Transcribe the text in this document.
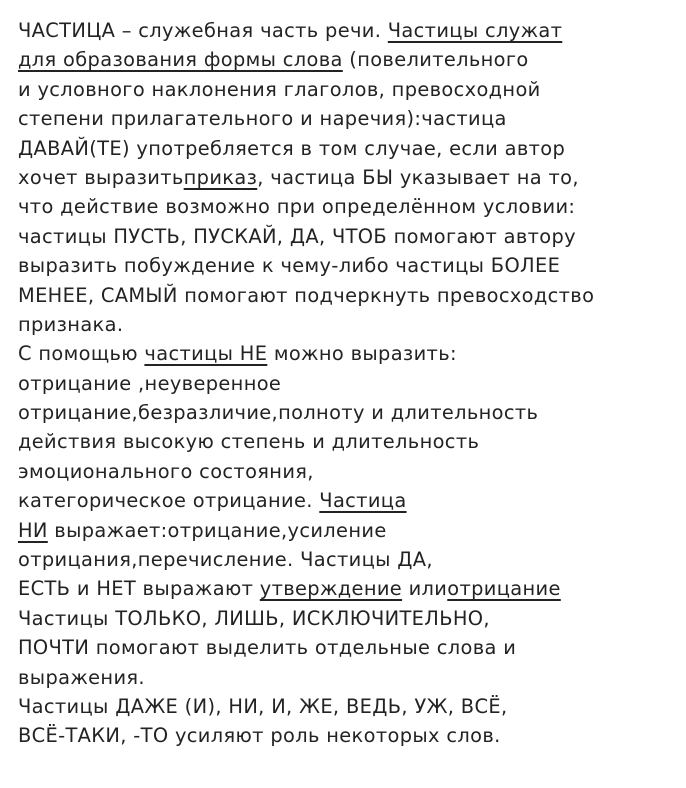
ЧАСТИЦА – служебная часть речи. Частицы служат
для образования формы слова (повелительного
и условного наклонения глаголов, превосходной
степени прилагательного и наречия):частица
ДАВАЙ(ТЕ) употребляется в том случае, если автор
хочет выразитьприказ, частица БЫ указывает на то,
что действие возможно при определённом условии:
частицы ПУСТЬ, ПУСКАЙ, ДА, ЧТОБ помогают автору
выразить побуждение к чему-либо частицы БОЛЕЕ
МЕНЕЕ, САМЫЙ помогают подчеркнуть превосходство
признака.
С помощью частицы НЕ можно выразить:
отрицание ,неуверенное
отрицание,безразличие,полноту и длительность
действия высокую степень и длительность
эмоционального состояния,
категорическое отрицание. Частица
НИ выражает:отрицание,усиление
отрицания,перечисление. Частицы ДА,
ЕСТЬ и НЕТ выражают утверждение илиотрицание
Частицы ТОЛЬКО, ЛИШЬ, ИСКЛЮЧИТЕЛЬНО,
ПОЧТИ помогают выделить отдельные слова и
выражения.
Частицы ДАЖЕ (И), НИ, И, ЖЕ, ВЕДЬ, УЖ, ВСЁ,
ВСЁ-ТАКИ, -ТО усиляют роль некоторых слов.
